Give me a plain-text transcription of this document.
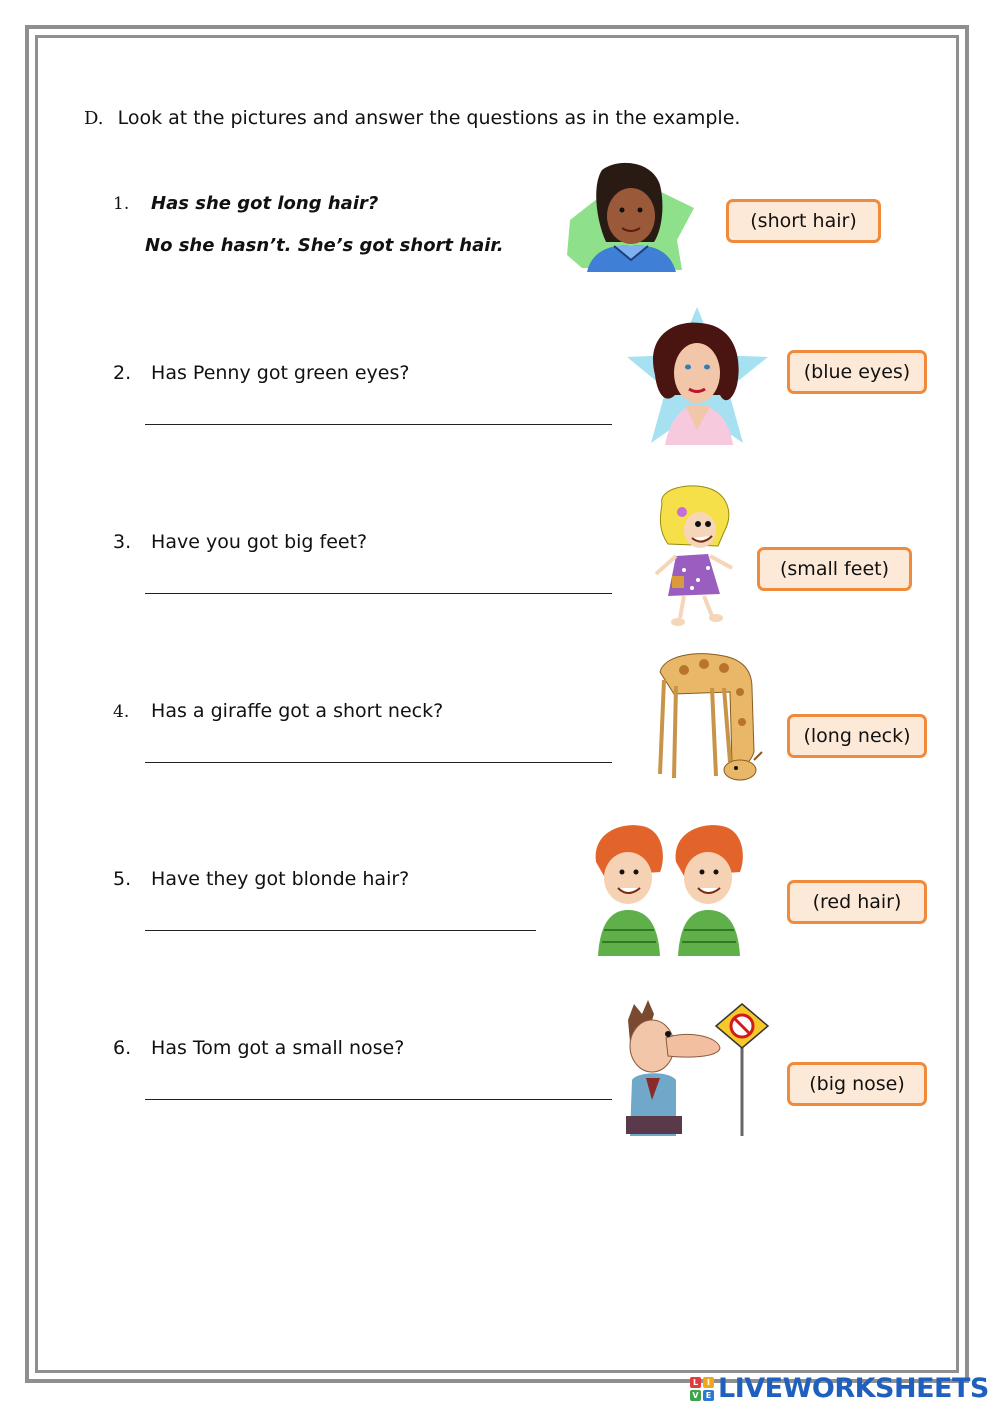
D. Look at the pictures and answer the questions as in the example.
1. Has she got long hair?
No she hasn’t. She’s got short hair.
(short hair)
2. Has Penny got green eyes?	(blue eyes)
3. Have you got big feet?
(small feet)
4. Has a giraffe got a short neck?
(long neck)
5. Have they got blonde hair?
(red hair)
6. Has Tom got a small nose?
(big nose)
L	I
V E LIVEWORKSHEETS
